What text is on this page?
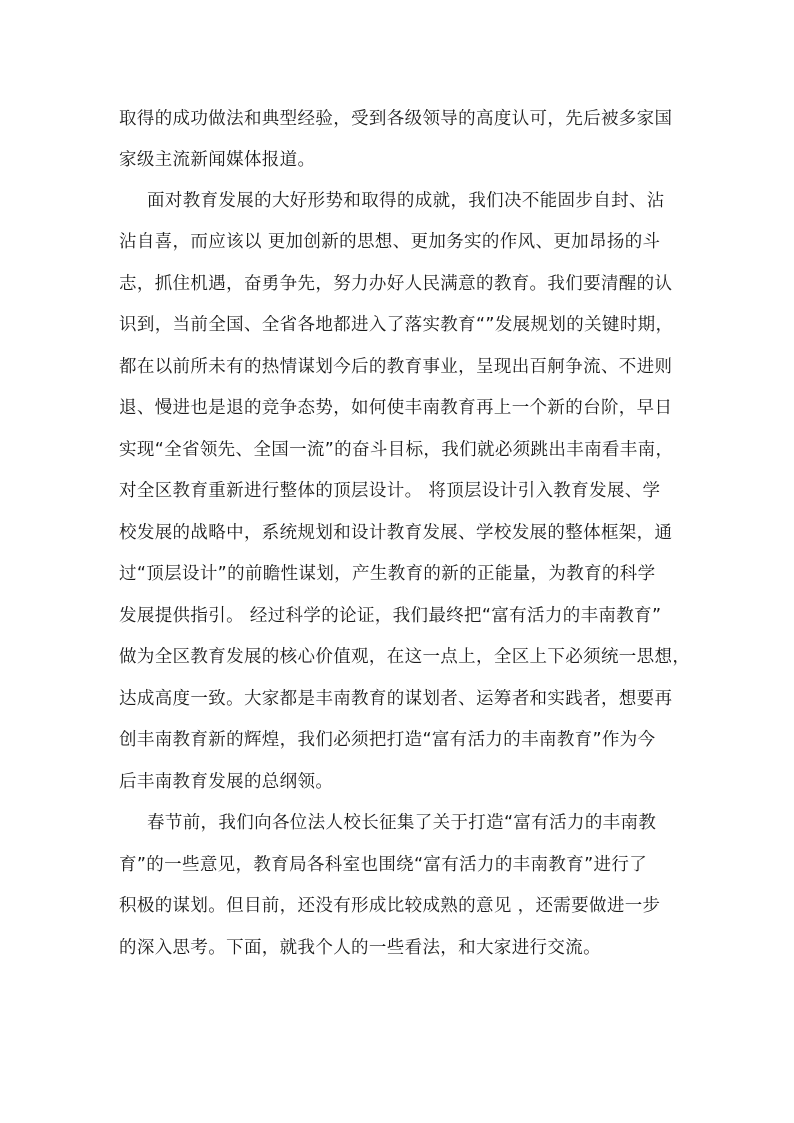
取得的成功做法和典型经验，受到各级领导的高度认可，先后被多家国
家级主流新闻媒体报道。
面对教育发展的大好形势和取得的成就，我们决不能固步自封、沾
沾自喜，而应该以 更加创新的思想、更加务实的作风、更加昂扬的斗
志，抓住机遇，奋勇争先，努力办好人民满意的教育。我们要清醒的认
识到，当前全国、全省各地都进入了落实教育“”发展规划的关键时期，
都在以前所未有的热情谋划今后的教育事业，呈现出百舸争流、不进则
退、慢进也是退的竞争态势，如何使丰南教育再上一个新的台阶，早日
实现“全省领先、全国一流”的奋斗目标，我们就必须跳出丰南看丰南，
对全区教育重新进行整体的顶层设计。 将顶层设计引入教育发展、学
校发展的战略中，系统规划和设计教育发展、学校发展的整体框架，通
过“顶层设计”的前瞻性谋划，产生教育的新的正能量，为教育的科学
发展提供指引。 经过科学的论证，我们最终把“富有活力的丰南教育”
做为全区教育发展的核心价值观，在这一点上，全区上下必须统一思想，
达成高度一致。大家都是丰南教育的谋划者、运筹者和实践者，想要再
创丰南教育新的辉煌，我们必须把打造“富有活力的丰南教育”作为今
后丰南教育发展的总纲领。
春节前，我们向各位法人校长征集了关于打造“富有活力的丰南教
育”的一些意见，教育局各科室也围绕“富有活力的丰南教育”进行了
积极的谋划。但目前，还没有形成比较成熟的意见 ，还需要做进一步
的深入思考。下面，就我个人的一些看法，和大家进行交流。
